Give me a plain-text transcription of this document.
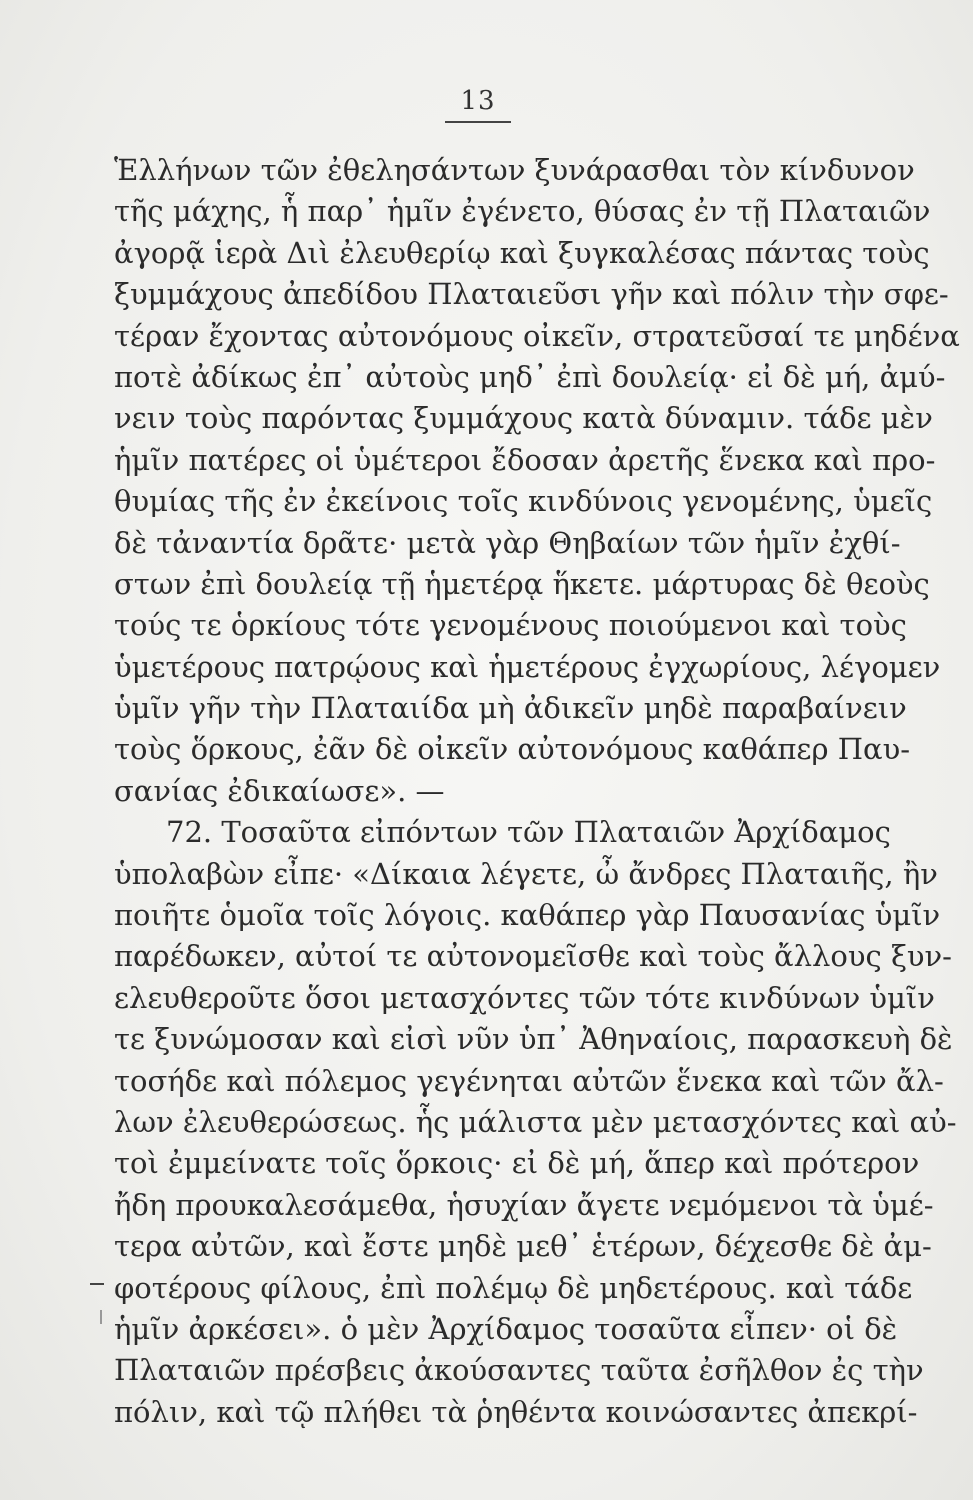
13
Ἑλλήνων τῶν ἐθελησάντων ξυνάρασθαι τὸν κίνδυνον
τῆς μάχης, ἧ παρ᾽ ἡμῖν ἐγένετο, θύσας ἐν τῇ Πλαταιῶν
ἀγορᾷ ἱερὰ Διὶ ἐλευθερίῳ καὶ ξυγκαλέσας πάντας τοὺς
ξυμμάχους ἀπεδίδου Πλαταιεῦσι γῆν καὶ πόλιν τὴν σφε-
τέραν ἔχοντας αὐτονόμους οἰκεῖν, στρατεῦσαί τε μηδένα
ποτὲ ἀδίκως ἐπ᾽ αὐτοὺς μηδ᾽ ἐπὶ δουλείᾳ· εἰ δὲ μή, ἀμύ-
νειν τοὺς παρόντας ξυμμάχους κατὰ δύναμιν. τάδε μὲν
ἡμῖν πατέρες οἱ ὑμέτεροι ἔδοσαν ἀρετῆς ἕνεκα καὶ προ-
θυμίας τῆς ἐν ἐκείνοις τοῖς κινδύνοις γενομένης, ὑμεῖς
δὲ τἀναντία δρᾶτε· μετὰ γὰρ Θηβαίων τῶν ἡμῖν ἐχθί-
στων ἐπὶ δουλείᾳ τῇ ἡμετέρᾳ ἥκετε. μάρτυρας δὲ θεοὺς
τούς τε ὁρκίους τότε γενομένους ποιούμενοι καὶ τοὺς
ὑμετέρους πατρῴους καὶ ἡμετέρους ἐγχωρίους, λέγομεν
ὑμῖν γῆν τὴν Πλαταιίδα μὴ ἀδικεῖν μηδὲ παραβαίνειν
τοὺς ὅρκους, ἐᾶν δὲ οἰκεῖν αὐτονόμους καθάπερ Παυ-
σανίας ἐδικαίωσε». —
72. Τοσαῦτα εἰπόντων τῶν Πλαταιῶν Ἀρχίδαμος
ὑπολαβὼν εἶπε· «Δίκαια λέγετε, ὦ ἄνδρες Πλαταιῆς, ἢν
ποιῆτε ὁμοῖα τοῖς λόγοις. καθάπερ γὰρ Παυσανίας ὑμῖν
παρέδωκεν, αὐτοί τε αὐτονομεῖσθε καὶ τοὺς ἄλλους ξυν-
ελευθεροῦτε ὅσοι μετασχόντες τῶν τότε κινδύνων ὑμῖν
τε ξυνώμοσαν καὶ εἰσὶ νῦν ὑπ᾽ Ἀθηναίοις, παρασκευὴ δὲ
τοσήδε καὶ πόλεμος γεγένηται αὐτῶν ἕνεκα καὶ τῶν ἄλ-
λων ἐλευθερώσεως. ἧς μάλιστα μὲν μετασχόντες καὶ αὐ-
τοὶ ἐμμείνατε τοῖς ὅρκοις· εἰ δὲ μή, ἅπερ καὶ πρότερον
ἤδη προυκαλεσάμεθα, ἡσυχίαν ἄγετε νεμόμενοι τὰ ὑμέ-
τερα αὐτῶν, καὶ ἔστε μηδὲ μεθ᾽ ἑτέρων, δέχεσθε δὲ ἀμ-
φοτέρους φίλους, ἐπὶ πολέμῳ δὲ μηδετέρους. καὶ τάδε
ἡμῖν ἀρκέσει». ὁ μὲν Ἀρχίδαμος τοσαῦτα εἶπεν· οἱ δὲ
Πλαταιῶν πρέσβεις ἀκούσαντες ταῦτα ἐσῆλθον ἐς τὴν
πόλιν, καὶ τῷ πλήθει τὰ ῥηθέντα κοινώσαντες ἀπεκρί-
